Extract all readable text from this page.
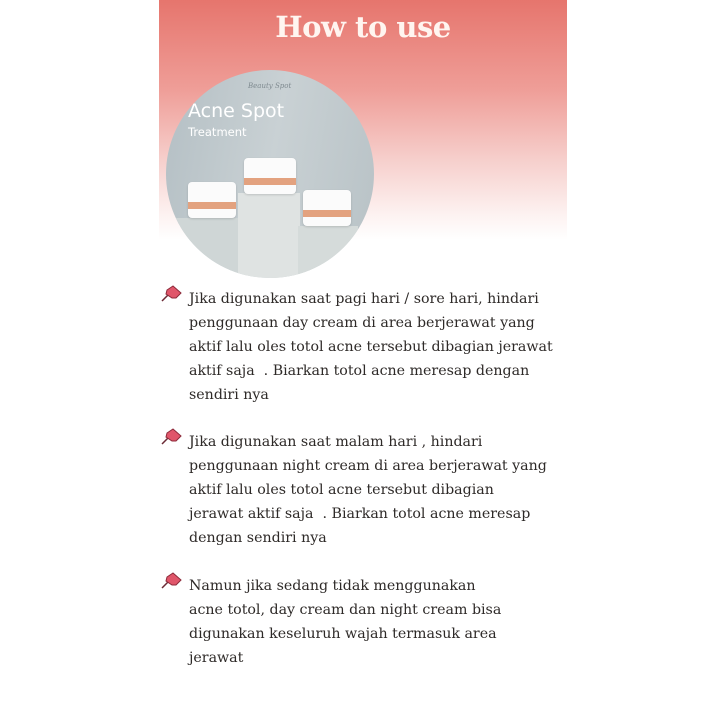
How to use
Beauty Spot
Acne Spot
Treatment
Jika digunakan saat pagi hari / sore hari, hindari
penggunaan day cream di area berjerawat yang
aktif lalu oles totol acne tersebut dibagian jerawat
aktif saja  . Biarkan totol acne meresap dengan
sendiri nya
Jika digunakan saat malam hari , hindari
penggunaan night cream di area berjerawat yang
aktif lalu oles totol acne tersebut dibagian
jerawat aktif saja  . Biarkan totol acne meresap
dengan sendiri nya
Namun jika sedang tidak menggunakan
acne totol, day cream dan night cream bisa
digunakan keseluruh wajah termasuk area
jerawat
